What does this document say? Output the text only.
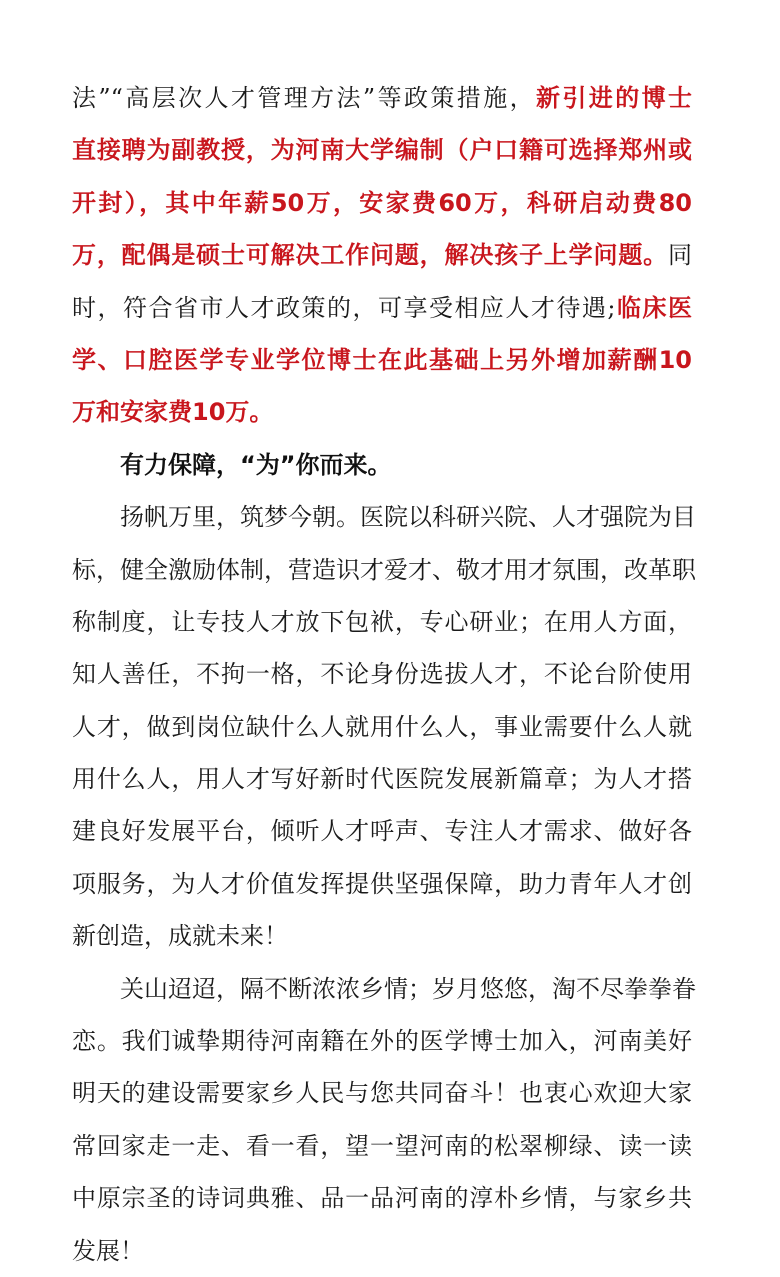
法”“高层次人才管理方法”等政策措施，新引进的博士
直接聘为副教授，为河南大学编制（户口籍可选择郑州或
开封），其中年薪50万，安家费60万，科研启动费80
万，配偶是硕士可解决工作问题，解决孩子上学问题。同
时，符合省市人才政策的，可享受相应人才待遇;临床医
学、口腔医学专业学位博士在此基础上另外增加薪酬10
万和安家费10万。
有力保障，“为”你而来。
扬帆万里，筑梦今朝。医院以科研兴院、人才强院为目
标，健全激励体制，营造识才爱才、敬才用才氛围，改革职
称制度，让专技人才放下包袱，专心研业；在用人方面，
知人善任，不拘一格，不论身份选拔人才，不论台阶使用
人才，做到岗位缺什么人就用什么人，事业需要什么人就
用什么人，用人才写好新时代医院发展新篇章；为人才搭
建良好发展平台，倾听人才呼声、专注人才需求、做好各
项服务，为人才价值发挥提供坚强保障，助力青年人才创
新创造，成就未来！
关山迢迢，隔不断浓浓乡情；岁月悠悠，淘不尽拳拳眷
恋。我们诚挚期待河南籍在外的医学博士加入，河南美好
明天的建设需要家乡人民与您共同奋斗！也衷心欢迎大家
常回家走一走、看一看，望一望河南的松翠柳绿、读一读
中原宗圣的诗词典雅、品一品河南的淳朴乡情，与家乡共
发展！
